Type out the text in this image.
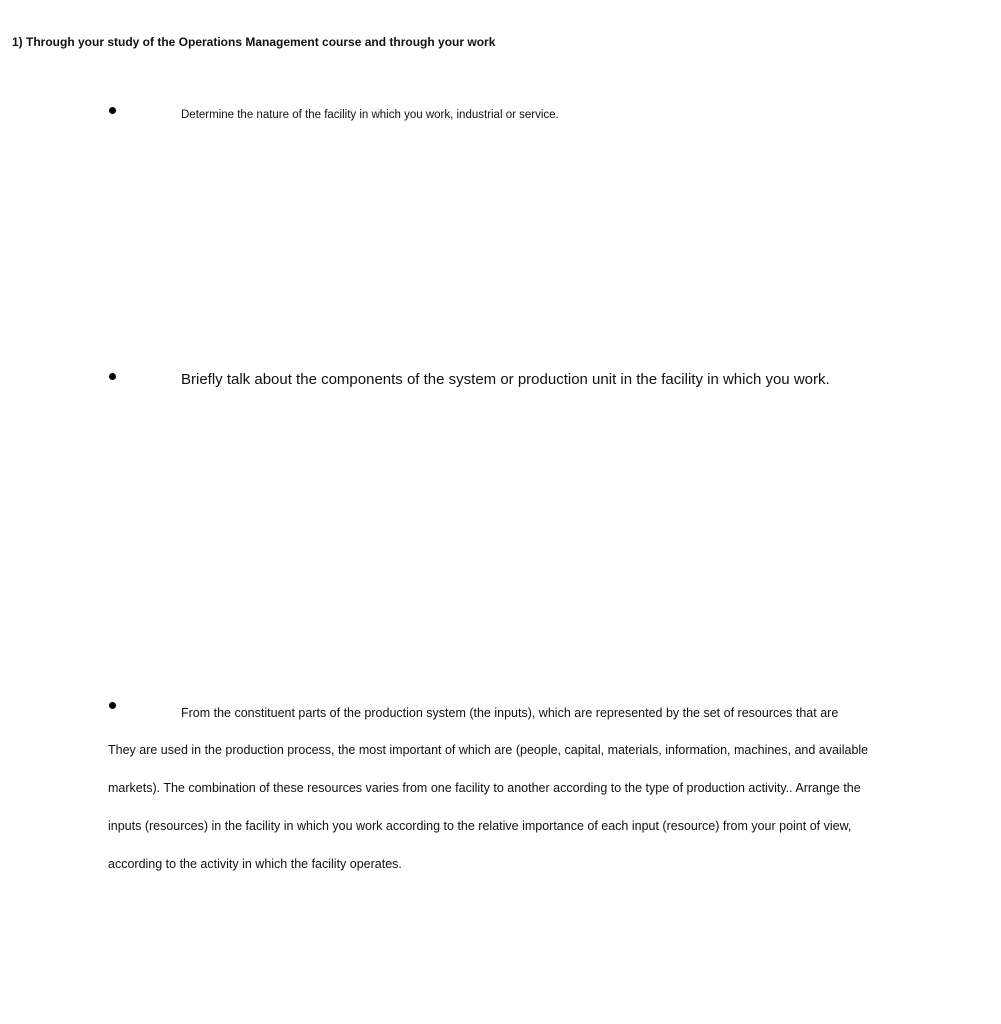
1) Through your study of the Operations Management course and through your work
Determine the nature of the facility in which you work, industrial or service.
Briefly talk about the components of the system or production unit in the facility in which you work.
From the constituent parts of the production system (the inputs), which are represented by the set of resources that are
They are used in the production process, the most important of which are (people, capital, materials, information, machines, and available
markets). The combination of these resources varies from one facility to another according to the type of production activity.. Arrange the
inputs (resources) in the facility in which you work according to the relative importance of each input (resource) from your point of view,
according to the activity in which the facility operates.
